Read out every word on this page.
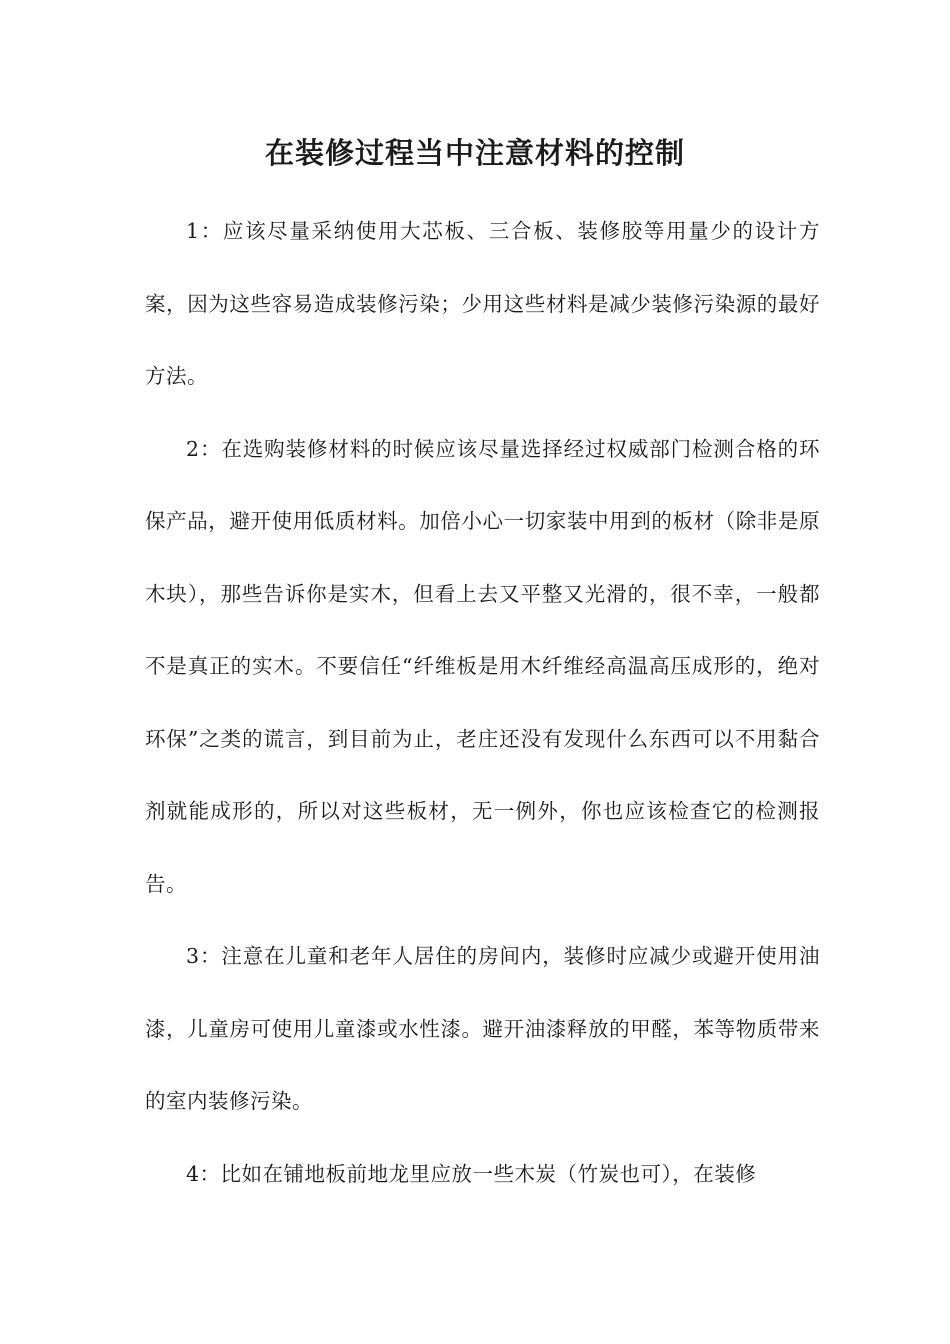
在装修过程当中注意材料的控制

1：应该尽量采纳使用大芯板、三合板、装修胶等用量少的设计方案，因为这些容易造成装修污染；少用这些材料是减少装修污染源的最好方法。

2：在选购装修材料的时候应该尽量选择经过权威部门检测合格的环保产品，避开使用低质材料。加倍小心一切家装中用到的板材（除非是原木块），那些告诉你是实木，但看上去又平整又光滑的，很不幸，一般都不是真正的实木。不要信任“纤维板是用木纤维经高温高压成形的，绝对环保”之类的谎言，到目前为止，老庄还没有发现什么东西可以不用黏合剂就能成形的，所以对这些板材，无一例外，你也应该检查它的检测报告。

3：注意在儿童和老年人居住的房间内，装修时应减少或避开使用油漆，儿童房可使用儿童漆或水性漆。避开油漆释放的甲醛，苯等物质带来的室内装修污染。

4：比如在铺地板前地龙里应放一些木炭（竹炭也可），在装修
